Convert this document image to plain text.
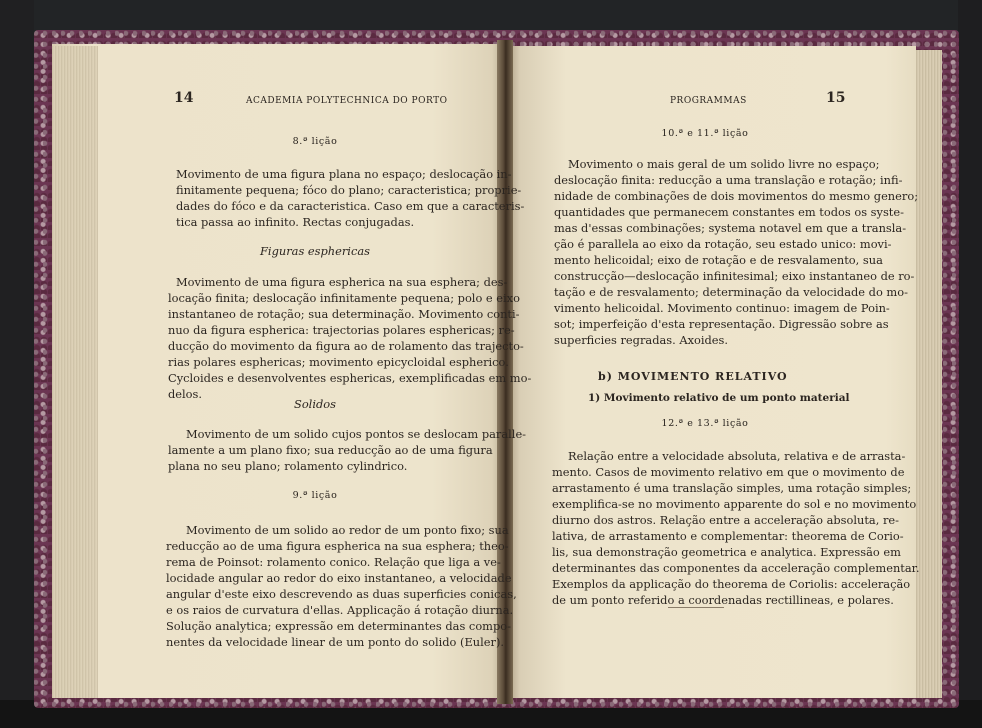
14	ACADEMIA POLYTECHNICA DO PORTO
8.ª lição
Movimento de uma figura plana no espaço; deslocação in-
finitamente pequena; fóco do plano; caracteristica; proprie-
dades do fóco e da caracteristica. Caso em que a caracteris-
tica passa ao infinito. Rectas conjugadas.
Figuras esphericas
Movimento de uma figura espherica na sua esphera; des-
locação finita; deslocação infinitamente pequena; polo e eixo
instantaneo de rotação; sua determinação. Movimento conti-
nuo da figura espherica: trajectorias polares esphericas; re-
ducção do movimento da figura ao de rolamento das trajecto-
rias polares esphericas; movimento epicycloidal espherico.
Cycloides e desenvolventes esphericas, exemplificadas em mo-
delos.
Solidos
Movimento de um solido cujos pontos se deslocam paralle-
lamente a um plano fixo; sua reducção ao de uma figura
plana no seu plano; rolamento cylindrico.
9.ª lição
Movimento de um solido ao redor de um ponto fixo; sua
reducção ao de uma figura espherica na sua esphera; theo-
rema de Poinsot: rolamento conico. Relação que liga a ve-
locidade angular ao redor do eixo instantaneo, a velocidade
angular d'este eixo descrevendo as duas superficies conicas,
e os raios de curvatura d'ellas. Applicação á rotação diurna.
Solução analytica; expressão em determinantes das compo-
nentes da velocidade linear de um ponto do solido (Euler).
PROGRAMMAS	15
10.ª e 11.ª lição
Movimento o mais geral de um solido livre no espaço;
deslocação finita: reducção a uma translação e rotação; infi-
nidade de combinações de dois movimentos do mesmo genero;
quantidades que permanecem constantes em todos os syste-
mas d'essas combinações; systema notavel em que a transla-
ção é parallela ao eixo da rotação, seu estado unico: movi-
mento helicoidal; eixo de rotação e de resvalamento, sua
construcção—deslocação infinitesimal; eixo instantaneo de ro-
tação e de resvalamento; determinação da velocidade do mo-
vimento helicoidal. Movimento continuo: imagem de Poin-
sot; imperfeição d'esta representação. Digressão sobre as
superficies regradas. Axoides.
b) MOVIMENTO RELATIVO
1) Movimento relativo de um ponto material
12.ª e 13.ª lição
Relação entre a velocidade absoluta, relativa e de arrasta-
mento. Casos de movimento relativo em que o movimento de
arrastamento é uma translação simples, uma rotação simples;
exemplifica-se no movimento apparente do sol e no movimento
diurno dos astros. Relação entre a acceleração absoluta, re-
lativa, de arrastamento e complementar: theorema de Corio-
lis, sua demonstração geometrica e analytica. Expressão em
determinantes das componentes da acceleração complementar.
Exemplos da applicação do theorema de Coriolis: acceleração
de um ponto referido a coordenadas rectillineas, e polares.
